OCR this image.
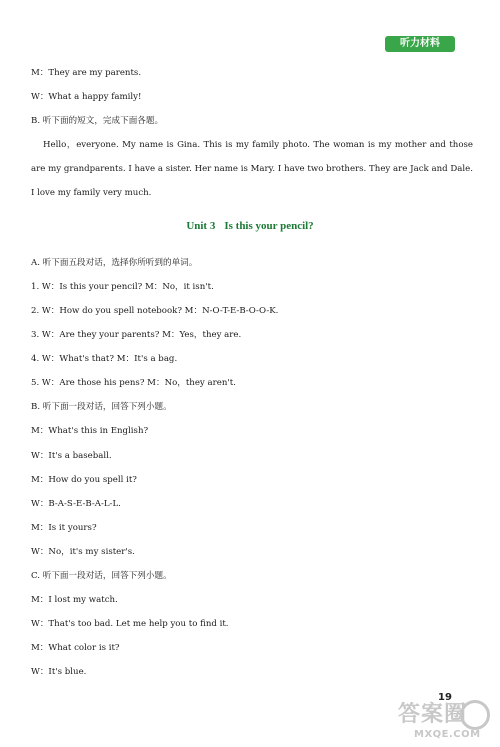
听力材料
M：They are my parents.
W：What a happy family!
B. 听下面的短文，完成下面各题。
Hello，everyone. My name is Gina. This is my family photo. The woman is my mother and those are my grandparents. I have a sister. Her name is Mary. I have two brothers. They are Jack and Dale. I love my family very much.
Unit 3 Is this your pencil?
A. 听下面五段对话，选择你所听到的单词。
1. W：Is this your pencil? M：No，it isn't.
2. W：How do you spell notebook? M：N-O-T-E-B-O-O-K.
3. W：Are they your parents? M：Yes，they are.
4. W：What's that? M：It's a bag.
5. W：Are those his pens? M：No，they aren't.
B. 听下面一段对话，回答下列小题。
M：What's this in English?
W：It's a baseball.
M：How do you spell it?
W：B-A-S-E-B-A-L-L.
M：Is it yours?
W：No，it's my sister's.
C. 听下面一段对话，回答下列小题。
M：I lost my watch.
W：That's too bad. Let me help you to find it.
M：What color is it?
W：It's blue.
19
答案圈
MXQE.COM
